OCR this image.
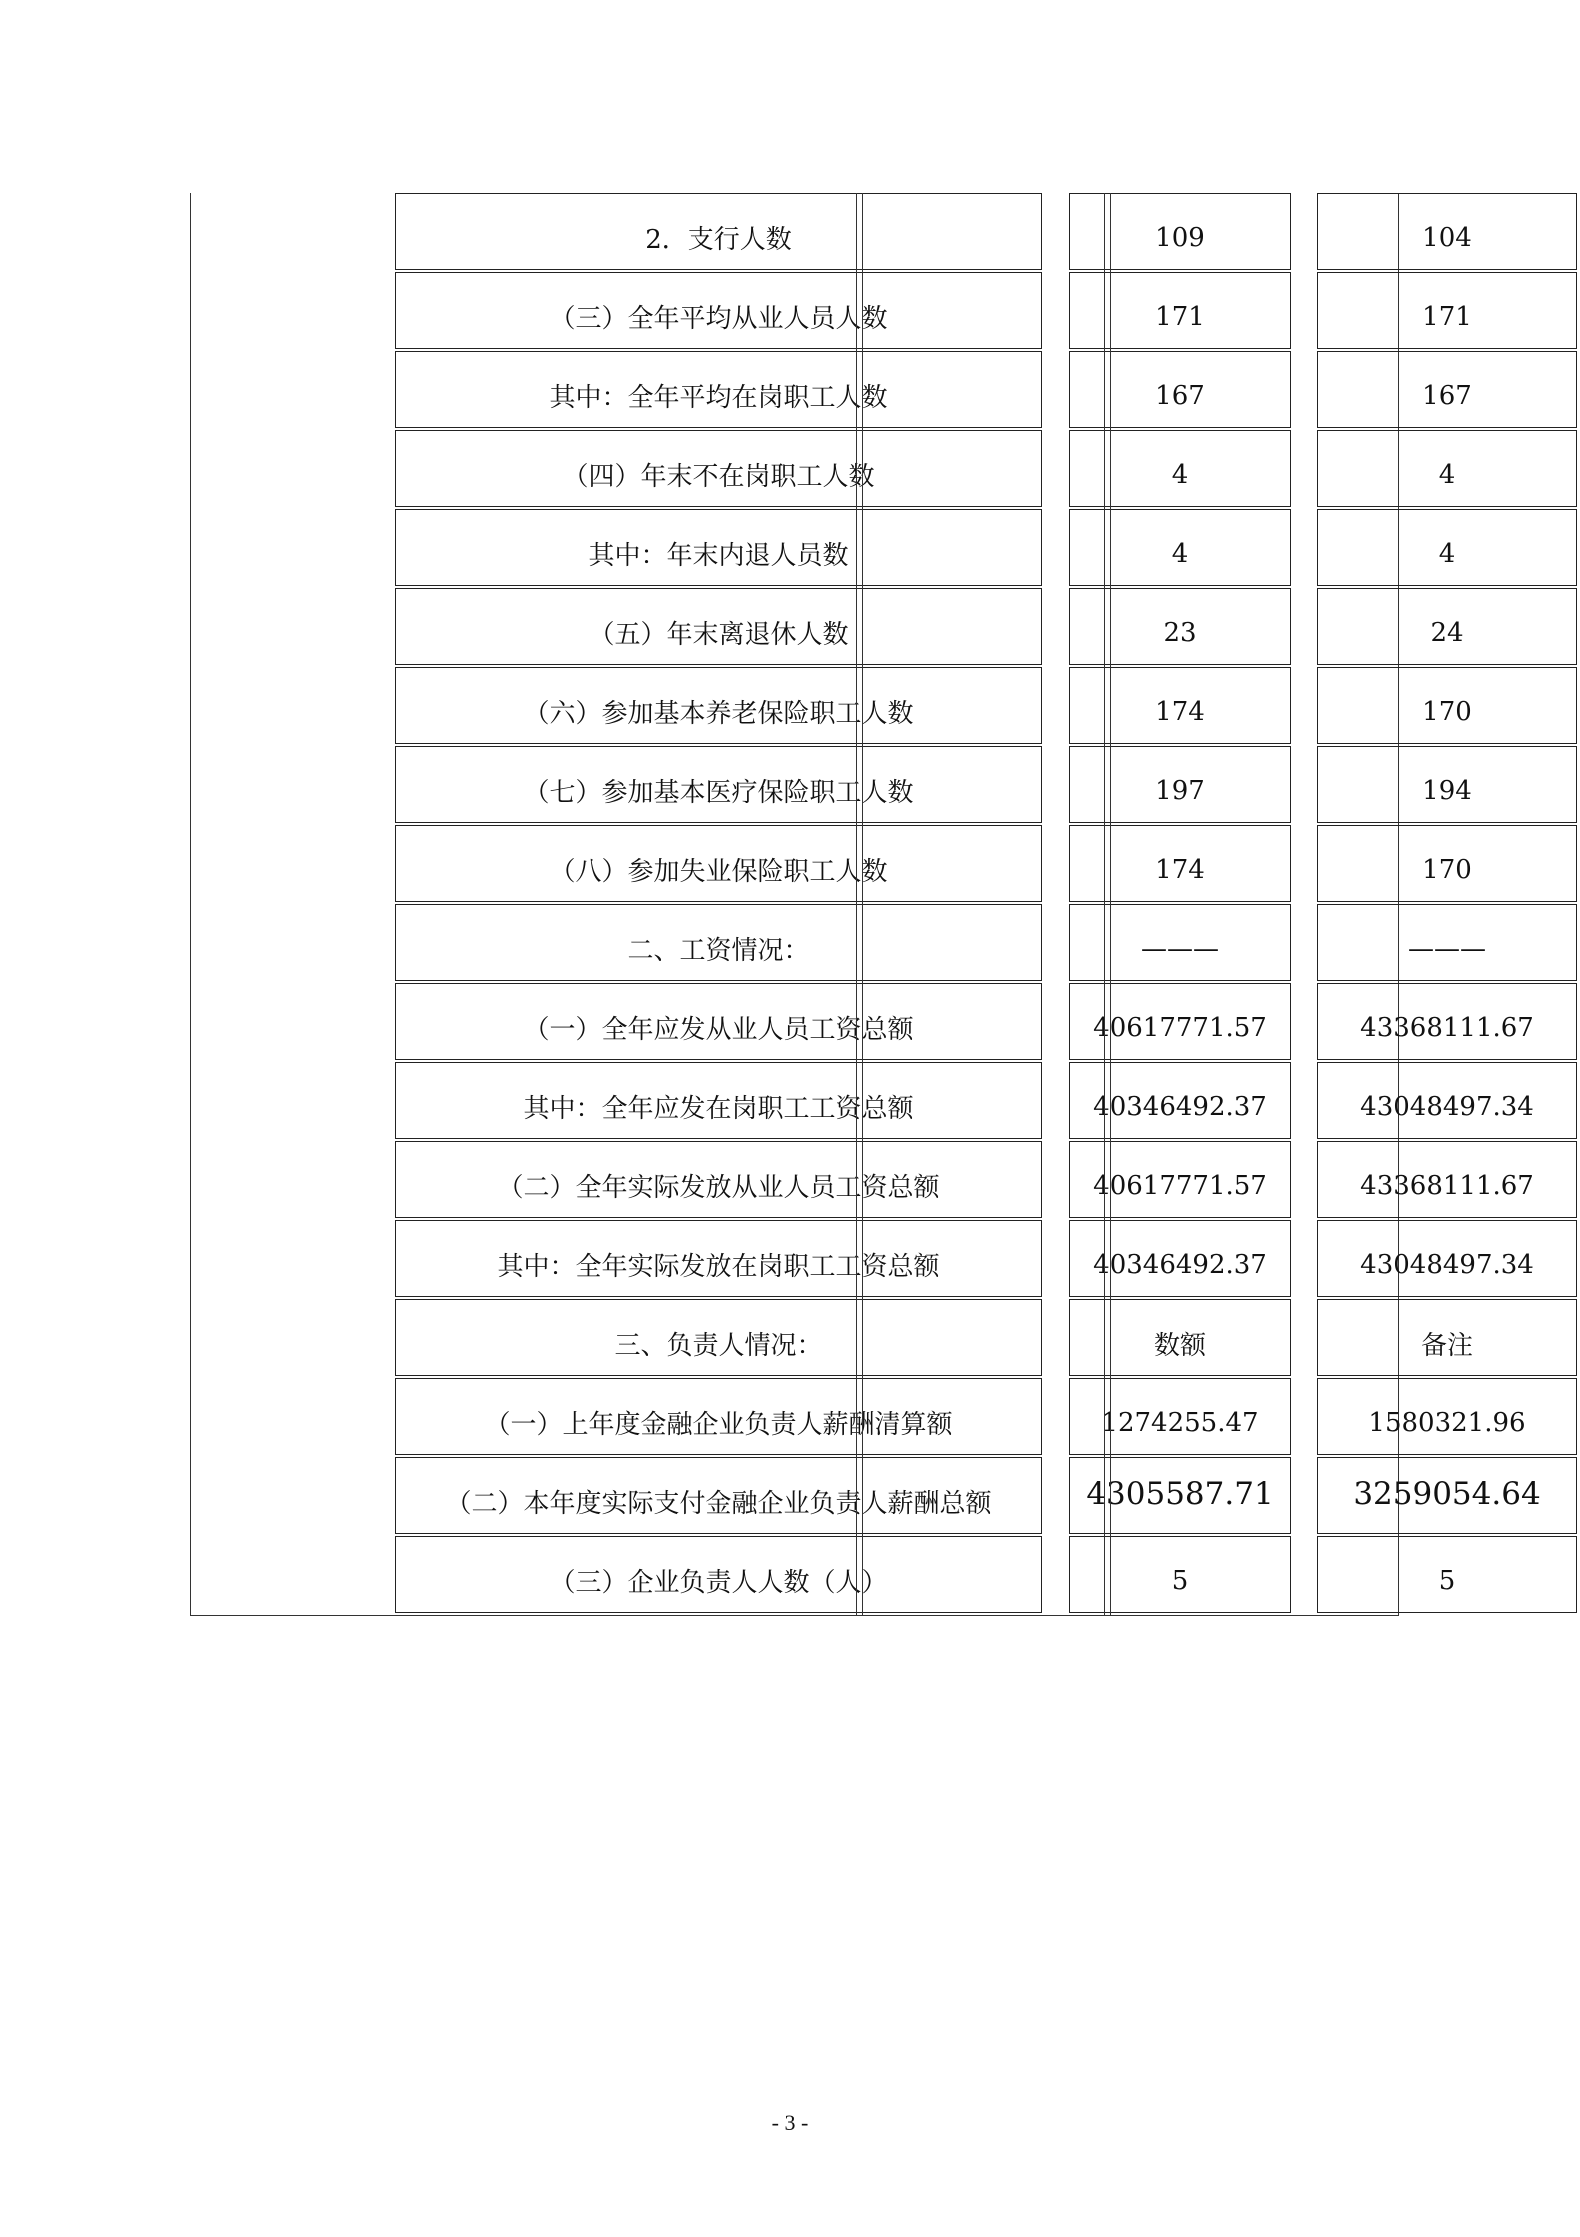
2．支行人数	109	104
（三）全年平均从业人员人数	171	171
其中：全年平均在岗职工人数	167	167
（四）年末不在岗职工人数	4	4
其中：年末内退人员数	4	4
（五）年末离退休人数	23	24
（六）参加基本养老保险职工人数	174	170
（七）参加基本医疗保险职工人数	197	194
（八）参加失业保险职工人数	174	170
二、工资情况：	———	———
（一）全年应发从业人员工资总额	40617771.57	43368111.67
其中：全年应发在岗职工工资总额	40346492.37	43048497.34
（二）全年实际发放从业人员工资总额	40617771.57	43368111.67
其中：全年实际发放在岗职工工资总额	40346492.37	43048497.34
三、负责人情况：	数额	备注
（一）上年度金融企业负责人薪酬清算额	1274255.47	1580321.96
（二）本年度实际支付金融企业负责人薪酬总额	4305587.71	3259054.64
（三）企业负责人人数（人）	5	5
- 3 -
